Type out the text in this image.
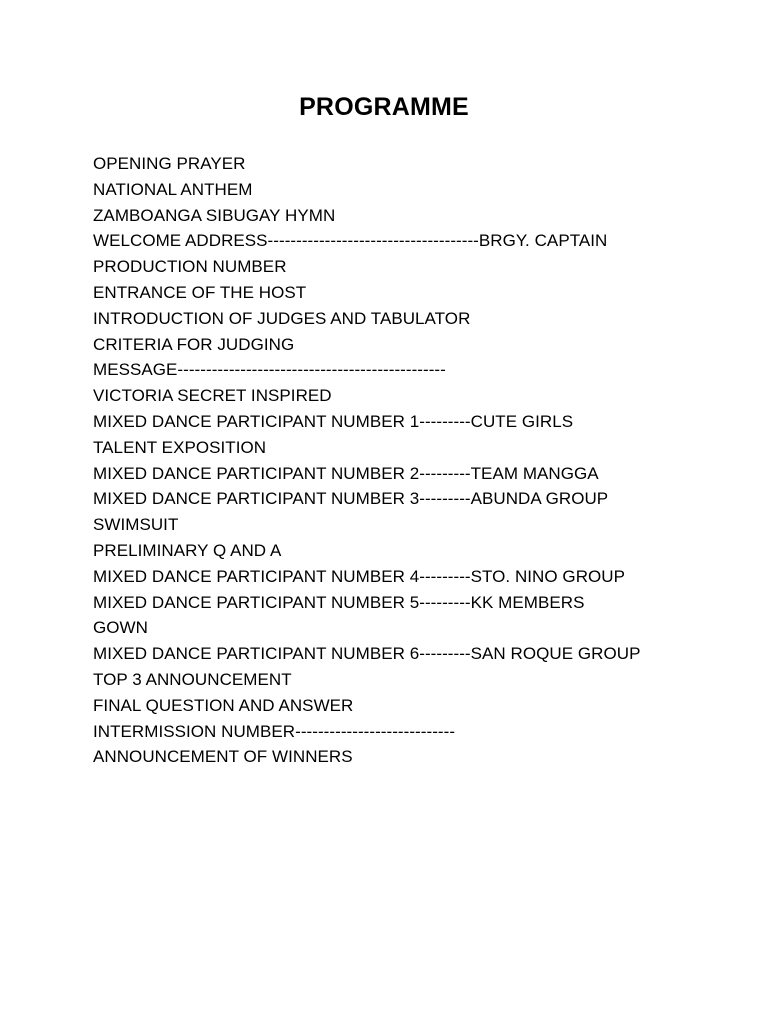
PROGRAMME
OPENING PRAYER
NATIONAL ANTHEM
ZAMBOANGA SIBUGAY HYMN
WELCOME ADDRESS-------------------------------------BRGY. CAPTAIN
PRODUCTION NUMBER
ENTRANCE OF THE HOST
INTRODUCTION OF JUDGES AND TABULATOR
CRITERIA FOR JUDGING
MESSAGE-----------------------------------------------
VICTORIA SECRET INSPIRED
MIXED DANCE PARTICIPANT NUMBER 1---------CUTE GIRLS
TALENT EXPOSITION
MIXED DANCE PARTICIPANT NUMBER 2---------TEAM MANGGA
MIXED DANCE PARTICIPANT NUMBER 3---------ABUNDA GROUP
SWIMSUIT
PRELIMINARY Q AND A
MIXED DANCE PARTICIPANT NUMBER 4---------STO. NINO GROUP
MIXED DANCE PARTICIPANT NUMBER 5---------KK MEMBERS
GOWN
MIXED DANCE PARTICIPANT NUMBER 6---------SAN ROQUE GROUP
TOP 3 ANNOUNCEMENT
FINAL QUESTION AND ANSWER
INTERMISSION NUMBER----------------------------
ANNOUNCEMENT OF WINNERS
